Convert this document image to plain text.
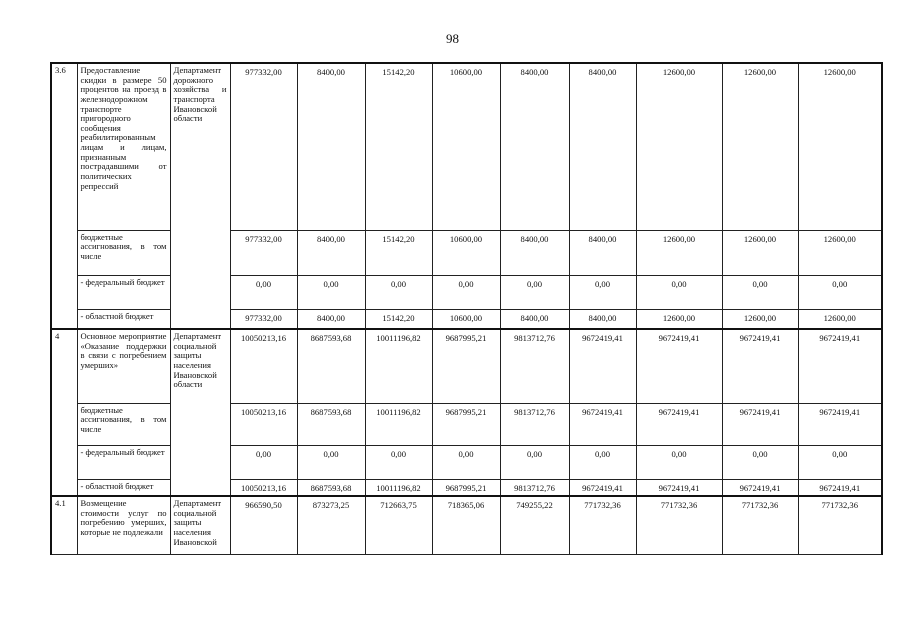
98
3.6	Предоставление скидки в размере 50 процентов на проезд в железнодорожном транспорте пригородного сообщения реабилитированным лицам и лицам, признанным пострадавшими от политических репрессий	Департамент дорожного хозяйства и транспорта Ивановской области	977332,00	8400,00	15142,20	10600,00	8400,00	8400,00	12600,00	12600,00	12600,00
	бюджетные ассигнования, в том числе		977332,00	8400,00	15142,20	10600,00	8400,00	8400,00	12600,00	12600,00	12600,00
	- федеральный бюджет		0,00	0,00	0,00	0,00	0,00	0,00	0,00	0,00	0,00
	- областной бюджет		977332,00	8400,00	15142,20	10600,00	8400,00	8400,00	12600,00	12600,00	12600,00
4	Основное мероприятие «Оказание поддержки в связи с погребением умерших»	Департамент социальной защиты населения Ивановской области	10050213,16	8687593,68	10011196,82	9687995,21	9813712,76	9672419,41	9672419,41	9672419,41	9672419,41
	бюджетные ассигнования, в том числе		10050213,16	8687593,68	10011196,82	9687995,21	9813712,76	9672419,41	9672419,41	9672419,41	9672419,41
	- федеральный бюджет		0,00	0,00	0,00	0,00	0,00	0,00	0,00	0,00	0,00
	- областной бюджет		10050213,16	8687593,68	10011196,82	9687995,21	9813712,76	9672419,41	9672419,41	9672419,41	9672419,41
4.1	Возмещение стоимости услуг по погребению умерших, которые не подлежали	Департамент социальной защиты населения Ивановской	966590,50	873273,25	712663,75	718365,06	749255,22	771732,36	771732,36	771732,36	771732,36
